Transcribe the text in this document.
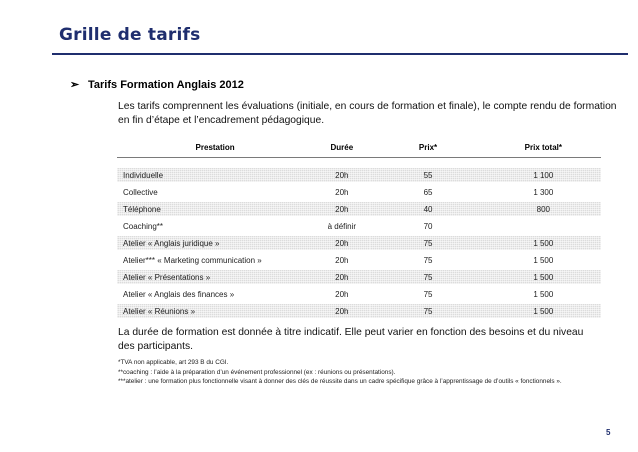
Grille de tarifs
➢ Tarifs Formation Anglais 2012
Les tarifs comprennent les évaluations (initiale, en cours de formation et finale), le compte rendu de formation en fin d’étape et l’encadrement pédagogique.
Prestation	Durée	Prix*	Prix total*

Individuelle	20h	55	1 100
Collective	20h	65	1 300
Téléphone	20h	40	800
Coaching**	à définir	70	
Atelier « Anglais juridique »	20h	75	1 500
Atelier*** « Marketing communication »	20h	75	1 500
Atelier « Présentations »	20h	75	1 500
Atelier « Anglais des finances »	20h	75	1 500
Atelier « Réunions »	20h	75	1 500
La durée de formation est donnée à titre indicatif. Elle peut varier en fonction des besoins et du niveau des participants.
*TVA non applicable, art 293 B du CGI.
**coaching : l’aide à la préparation d’un événement professionnel (ex : réunions ou présentations).
***atelier : une formation plus fonctionnelle visant à donner des clés de réussite dans un cadre spécifique grâce à l’apprentissage de d’outils « fonctionnels ».
5
